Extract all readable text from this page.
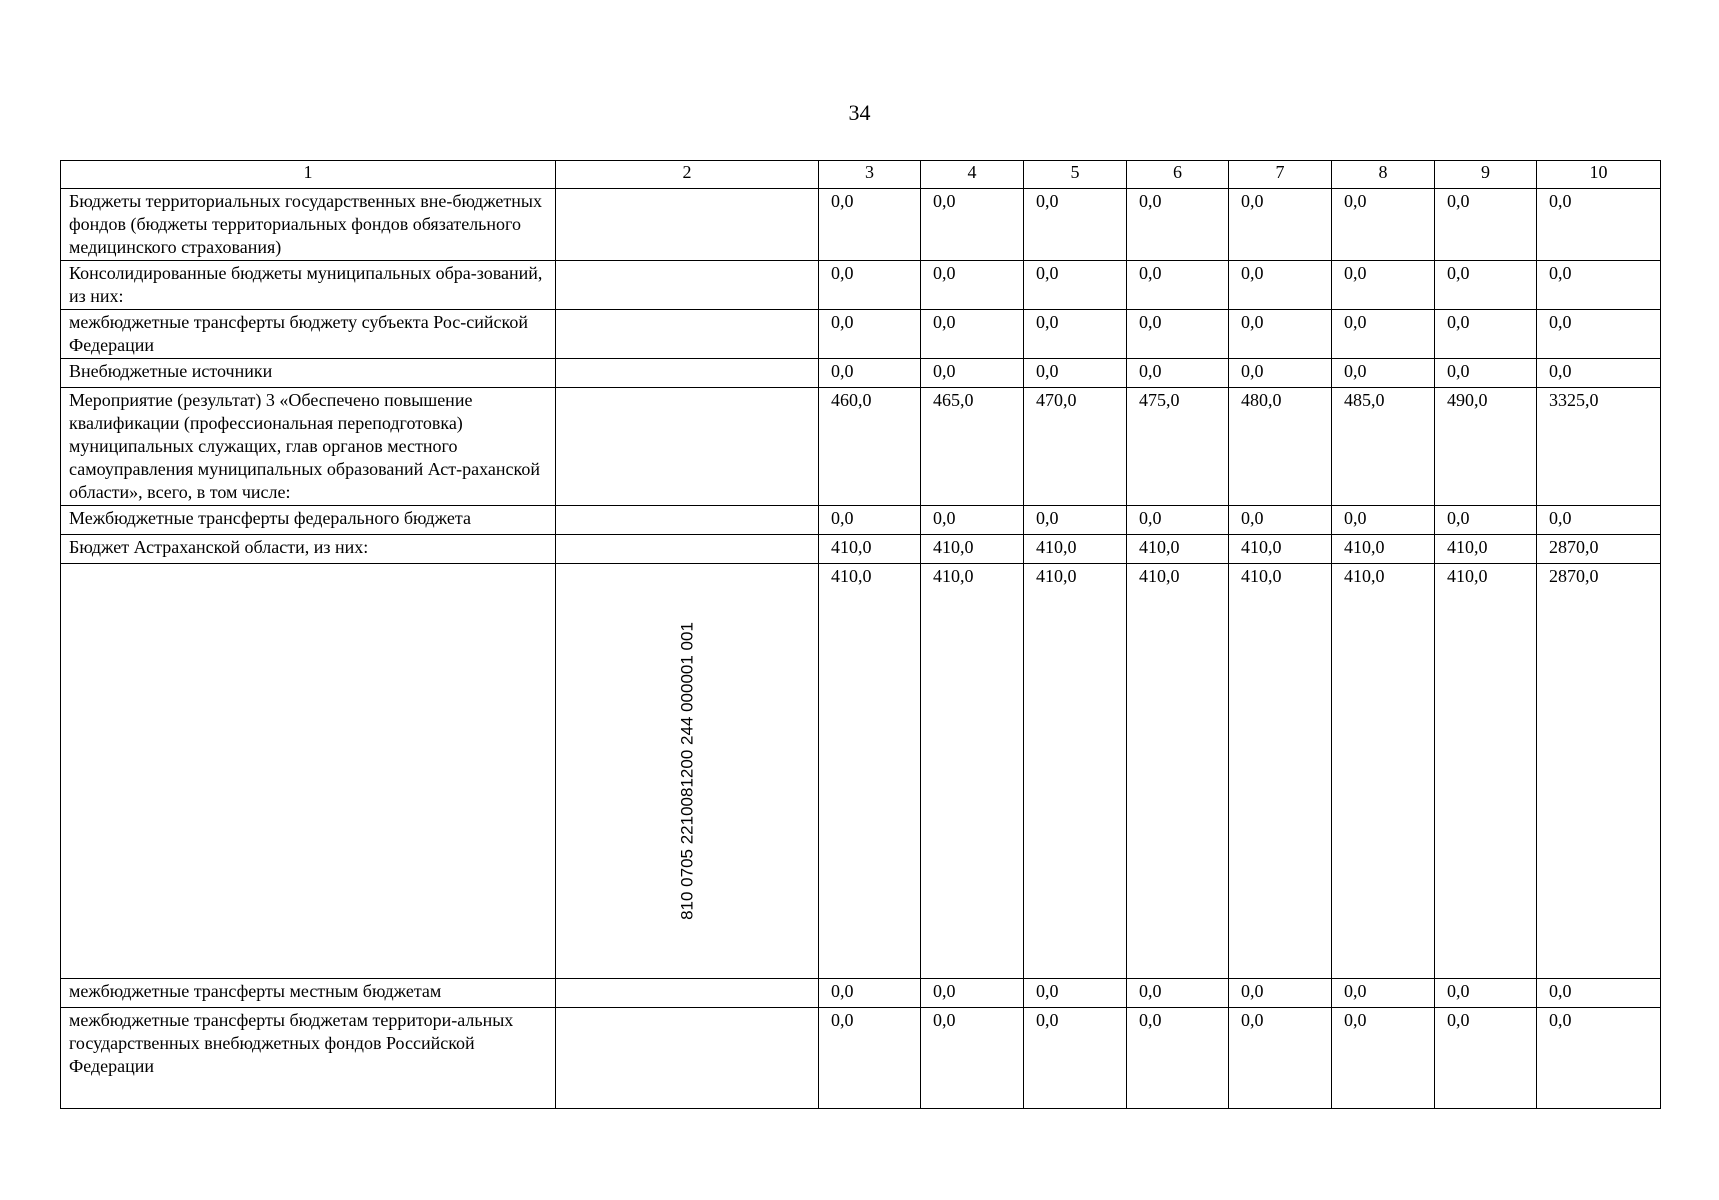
34
1	2	3	4	5	6	7	8	9	10
Бюджеты территориальных государственных вне-бюджетных фондов (бюджеты территориальных фондов обязательного медицинского страхования)		0,0	0,0	0,0	0,0	0,0	0,0	0,0	0,0
Консолидированные бюджеты муниципальных обра-зований, из них:		0,0	0,0	0,0	0,0	0,0	0,0	0,0	0,0
межбюджетные трансферты бюджету субъекта Рос-сийской Федерации		0,0	0,0	0,0	0,0	0,0	0,0	0,0	0,0
Внебюджетные источники		0,0	0,0	0,0	0,0	0,0	0,0	0,0	0,0
Мероприятие (результат) 3 «Обеспечено повышение квалификации (профессиональная переподготовка) муниципальных служащих, глав органов местного самоуправления муниципальных образований Аст-раханской области», всего, в том числе:		460,0	465,0	470,0	475,0	480,0	485,0	490,0	3325,0
Межбюджетные трансферты федерального бюджета		0,0	0,0	0,0	0,0	0,0	0,0	0,0	0,0
Бюджет Астраханской области, из них:		410,0	410,0	410,0	410,0	410,0	410,0	410,0	2870,0

	810 0705 2210081200 244 000001 001	410,0	410,0	410,0	410,0	410,0	410,0	410,0	2870,0
межбюджетные трансферты местным бюджетам		0,0	0,0	0,0	0,0	0,0	0,0	0,0	0,0
межбюджетные трансферты бюджетам территори-альных государственных внебюджетных фондов Российской Федерации		0,0	0,0	0,0	0,0	0,0	0,0	0,0	0,0
